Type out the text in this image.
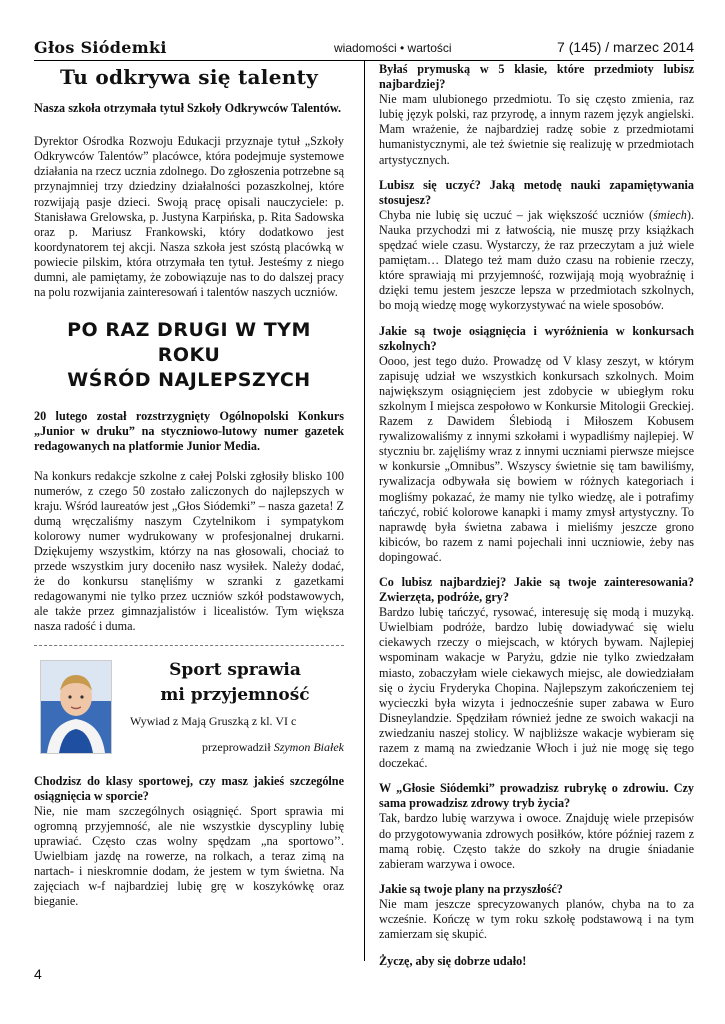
Głos Siódemki	wiadomości • wartości	7 (145) / marzec 2014
Tu odkrywa się talenty

Nasza szkoła otrzymała tytuł Szkoły Odkrywców Talentów.

Dyrektor Ośrodka Rozwoju Edukacji przyznaje tytuł „Szkoły Odkrywców Talentów” placówce, która podejmuje systemowe działania na rzecz ucznia zdolnego. Do zgłoszenia potrzebne są przynajmniej trzy dziedziny działalności pozaszkolnej, które rozwijają pasje dzieci. Swoją pracę opisali nauczyciele: p. Stanisława Grelowska, p. Justyna Karpińska, p. Rita Sadowska oraz p. Mariusz Frankowski, który dodatkowo jest koordynatorem tej akcji. Nasza szkoła jest szóstą placówką w powiecie pilskim, która otrzymała ten tytuł. Jesteśmy z niego dumni, ale pamiętamy, że zobowiązuje nas to do dalszej pracy na polu rozwijania zainteresowań i talentów naszych uczniów.

PO RAZ DRUGI W TYM ROKU
WŚRÓD NAJLEPSZYCH

20 lutego został rozstrzygnięty Ogólnopolski Konkurs „Junior w druku” na styczniowo-lutowy numer gazetek redagowanych na platformie Junior Media.

Na konkurs redakcje szkolne z całej Polski zgłosiły blisko 100 numerów, z czego 50 zostało zaliczonych do najlepszych w kraju. Wśród laureatów jest „Głos Siódemki” – nasza gazeta! Z dumą wręczaliśmy naszym Czytelnikom i sympatykom kolorowy numer wydrukowany w profesjonalnej drukarni. Dziękujemy wszystkim, którzy na nas głosowali, chociaż to przede wszystkim jury doceniło nasz wysiłek. Należy dodać, że do konkursu stanęliśmy w szranki z gazetkami redagowanymi nie tylko przez uczniów szkół podstawowych, ale także przez gimnazjalistów i licealistów. Tym większa nasza radość i duma.

Sport sprawia
mi przyjemność
Wywiad z Mają Gruszką z kl. VI c
przeprowadził Szymon Białek

Chodzisz do klasy sportowej, czy masz jakieś szczególne osiągnięcia w sporcie?

Nie, nie mam szczególnych osiągnięć. Sport sprawia mi ogromną przyjemność, ale nie wszystkie dyscypliny lubię uprawiać. Często czas wolny spędzam „na sportowo’’. Uwielbiam jazdę na rowerze, na rolkach, a teraz zimą na nartach- i nieskromnie dodam, że jestem w tym świetna. Na zajęciach w-f najbardziej lubię grę w koszykówkę oraz bieganie.

Byłaś prymuską w 5 klasie, które przedmioty lubisz najbardziej?

Nie mam ulubionego przedmiotu. To się często zmienia, raz lubię język polski, raz przyrodę, a innym razem język angielski. Mam wrażenie, że najbardziej radzę sobie z przedmiotami humanistycznymi, ale też świetnie się realizuję w przedmiotach artystycznych.

Lubisz się uczyć? Jaką metodę nauki zapamiętywania stosujesz?

Chyba nie lubię się uczuć – jak większość uczniów (śmiech). Nauka przychodzi mi z łatwością, nie muszę przy książkach spędzać wiele czasu. Wystarczy, że raz przeczytam a już wiele pamiętam… Dlatego też mam dużo czasu na robienie rzeczy, które sprawiają mi przyjemność, rozwijają moją wyobraźnię i dzięki temu jestem jeszcze lepsza w przedmiotach szkolnych, bo moją wiedzę mogę wykorzystywać na wiele sposobów.

Jakie są twoje osiągnięcia i wyróżnienia w konkursach szkolnych?

Oooo, jest tego dużo. Prowadzę od V klasy zeszyt, w którym zapisuję udział we wszystkich konkursach szkolnych. Moim największym osiągnięciem jest zdobycie w ubiegłym roku szkolnym I miejsca zespołowo w Konkursie Mitologii Greckiej. Razem z Dawidem Ślebiodą i Miłoszem Kobusem rywalizowaliśmy z innymi szkołami i wypadliśmy najlepiej. W styczniu br. zajęliśmy wraz z innymi uczniami pierwsze miejsce w konkursie „Omnibus”. Wszyscy świetnie się tam bawiliśmy, rywalizacja odbywała się bowiem w różnych kategoriach i mogliśmy pokazać, że mamy nie tylko wiedzę, ale i potrafimy tańczyć, robić kolorowe kanapki i mamy zmysł artystyczny. To naprawdę była świetna zabawa i mieliśmy jeszcze grono kibiców, bo razem z nami pojechali inni uczniowie, żeby nas dopingować.

Co lubisz najbardziej? Jakie są twoje zainteresowania? Zwierzęta, podróże, gry?

Bardzo lubię tańczyć, rysować, interesuję się modą i muzyką. Uwielbiam podróże, bardzo lubię dowiadywać się wielu ciekawych rzeczy o miejscach, w których bywam. Najlepiej wspominam wakacje w Paryżu, gdzie nie tylko zwiedzałam miasto, zobaczyłam wiele ciekawych miejsc, ale dowiedziałam się o życiu Fryderyka Chopina. Najlepszym zakończeniem tej wycieczki była wizyta i jednocześnie super zabawa w Euro Disneylandzie. Spędziłam również jedne ze swoich wakacji na zwiedzaniu naszej stolicy. W najbliższe wakacje wybieram się razem z mamą na zwiedzanie Włoch i już nie mogę się tego doczekać.

W „Głosie Siódemki” prowadzisz rubrykę o zdrowiu. Czy sama prowadzisz zdrowy tryb życia?

Tak, bardzo lubię warzywa i owoce. Znajduję wiele przepisów do przygotowywania zdrowych posiłków, które później razem z mamą robię. Często także do szkoły na drugie śniadanie zabieram warzywa i owoce.

Jakie są twoje plany na przyszłość?

Nie mam jeszcze sprecyzowanych planów, chyba na to za wcześnie. Kończę w tym roku szkołę podstawową i na tym zamierzam się skupić.

Życzę, aby się dobrze udało!

4
